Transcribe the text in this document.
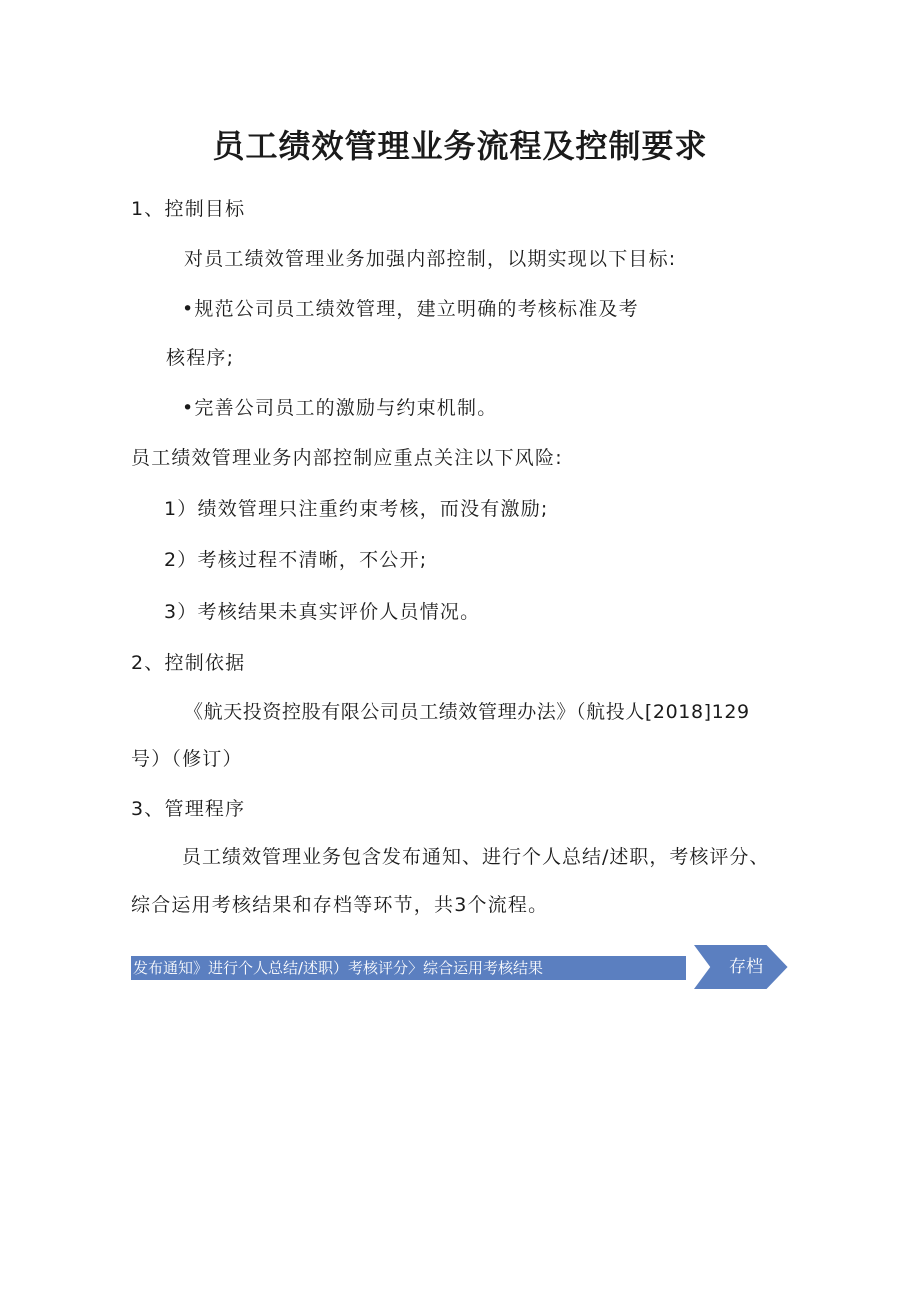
员工绩效管理业务流程及控制要求

1、控制目标

对员工绩效管理业务加强内部控制，以期实现以下目标:

•规范公司员工绩效管理，建立明确的考核标准及考

核程序;

•完善公司员工的激励与约束机制。

员工绩效管理业务内部控制应重点关注以下风险:

1）绩效管理只注重约束考核，而没有激励;

2）考核过程不清晰，不公开;

3）考核结果未真实评价人员情况。

2、控制依据

《航天投资控股有限公司员工绩效管理办法》（航投人[2018]129

号）（修订）

3、管理程序

员工绩效管理业务包含发布通知、进行个人总结/述职，考核评分、

综合运用考核结果和存档等环节，共3个流程。

发布通知》进行个人总结/述职）考核评分〉综合运用考核结果	存档
